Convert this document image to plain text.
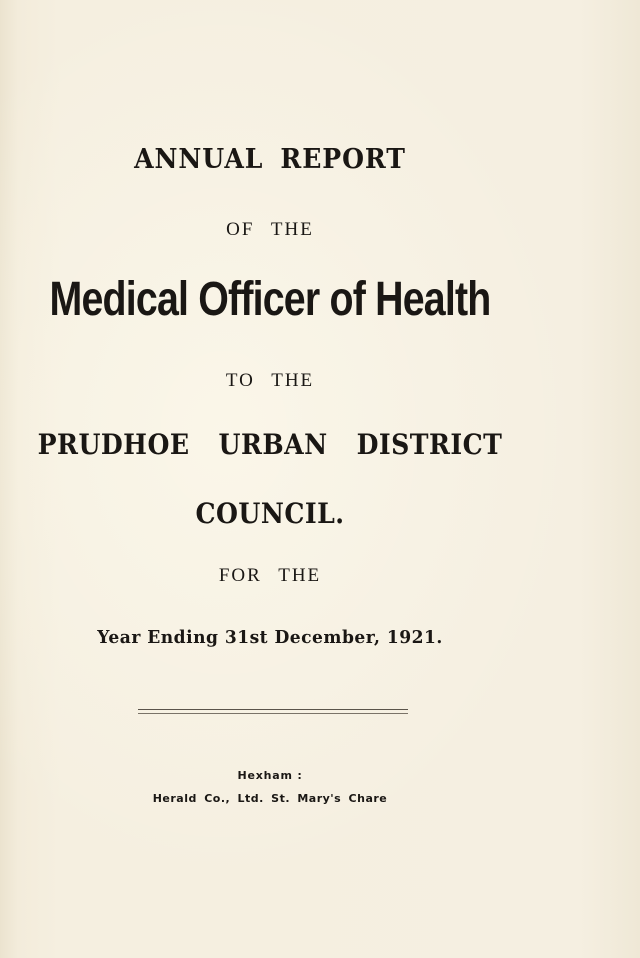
ANNUAL REPORT
OF THE
Medical Officer of Health
TO THE
PRUDHOE URBAN DISTRICT
COUNCIL.
FOR THE
Year Ending 31st December, 1921.
Hexham :
Herald Co., Ltd. St. Mary's Chare
